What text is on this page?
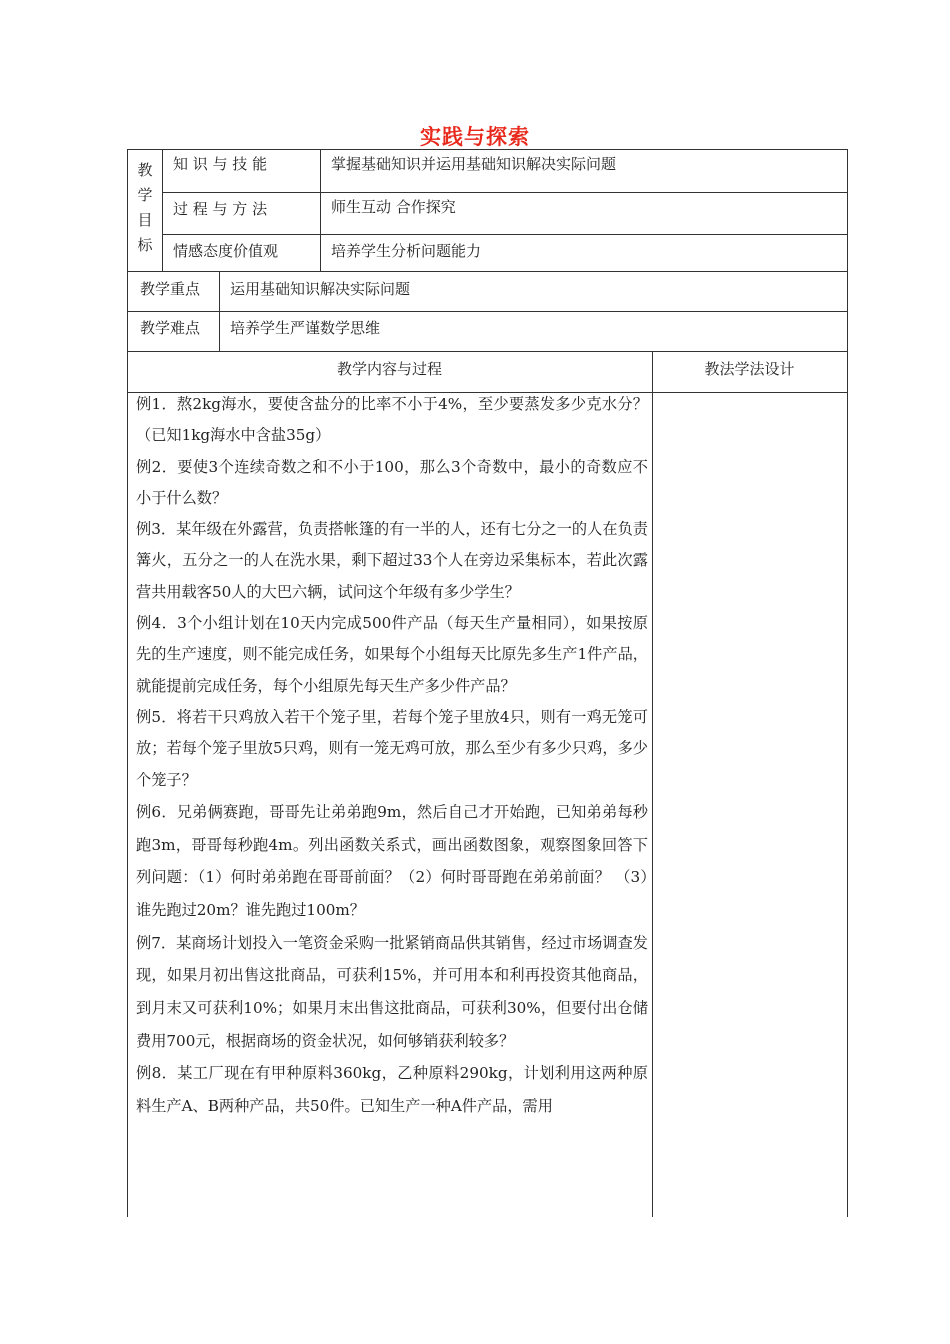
实践与探索
教
学
目
标
知 识 与 技 能	掌握基础知识并运用基础知识解决实际问题
过 程 与 方 法	师生互动 合作探究
情感态度价值观	培养学生分析问题能力
教学重点 运用基础知识解决实际问题
教学难点 培养学生严谨数学思维
教学内容与过程	教法学法设计

例1．熬2kg海水，要使含盐分的比率不小于4%，至少要蒸发多少克水分？（已知1kg海水中含盐35g）

例2．要使3个连续奇数之和不小于100，那么3个奇数中，最小的奇数应不小于什么数？

例3．某年级在外露营，负责搭帐篷的有一半的人，还有七分之一的人在负责篝火，五分之一的人在洗水果，剩下超过33个人在旁边采集标本，若此次露营共用载客50人的大巴六辆，试问这个年级有多少学生？

例4．3个小组计划在10天内完成500件产品（每天生产量相同），如果按原先的生产速度，则不能完成任务，如果每个小组每天比原先多生产1件产品，就能提前完成任务，每个小组原先每天生产多少件产品？

例5．将若干只鸡放入若干个笼子里，若每个笼子里放4只，则有一鸡无笼可放；若每个笼子里放5只鸡，则有一笼无鸡可放，那么至少有多少只鸡，多少个笼子？

例6．兄弟俩赛跑，哥哥先让弟弟跑9m，然后自己才开始跑，已知弟弟每秒跑3m，哥哥每秒跑4m。列出函数关系式，画出函数图象，观察图象回答下列问题：（1）何时弟弟跑在哥哥前面？（2）何时哥哥跑在弟弟前面？ （3）谁先跑过20m？谁先跑过100m？

例7．某商场计划投入一笔资金采购一批紧销商品供其销售，经过市场调查发现，如果月初出售这批商品，可获利15%，并可用本和利再投资其他商品，到月末又可获利10%；如果月末出售这批商品，可获利30%，但要付出仓储费用700元，根据商场的资金状况，如何够销获利较多？

例8．某工厂现在有甲种原料360kg，乙种原料290kg，计划利用这两种原料生产A、B两种产品，共50件。已知生产一种A件产品，需用
